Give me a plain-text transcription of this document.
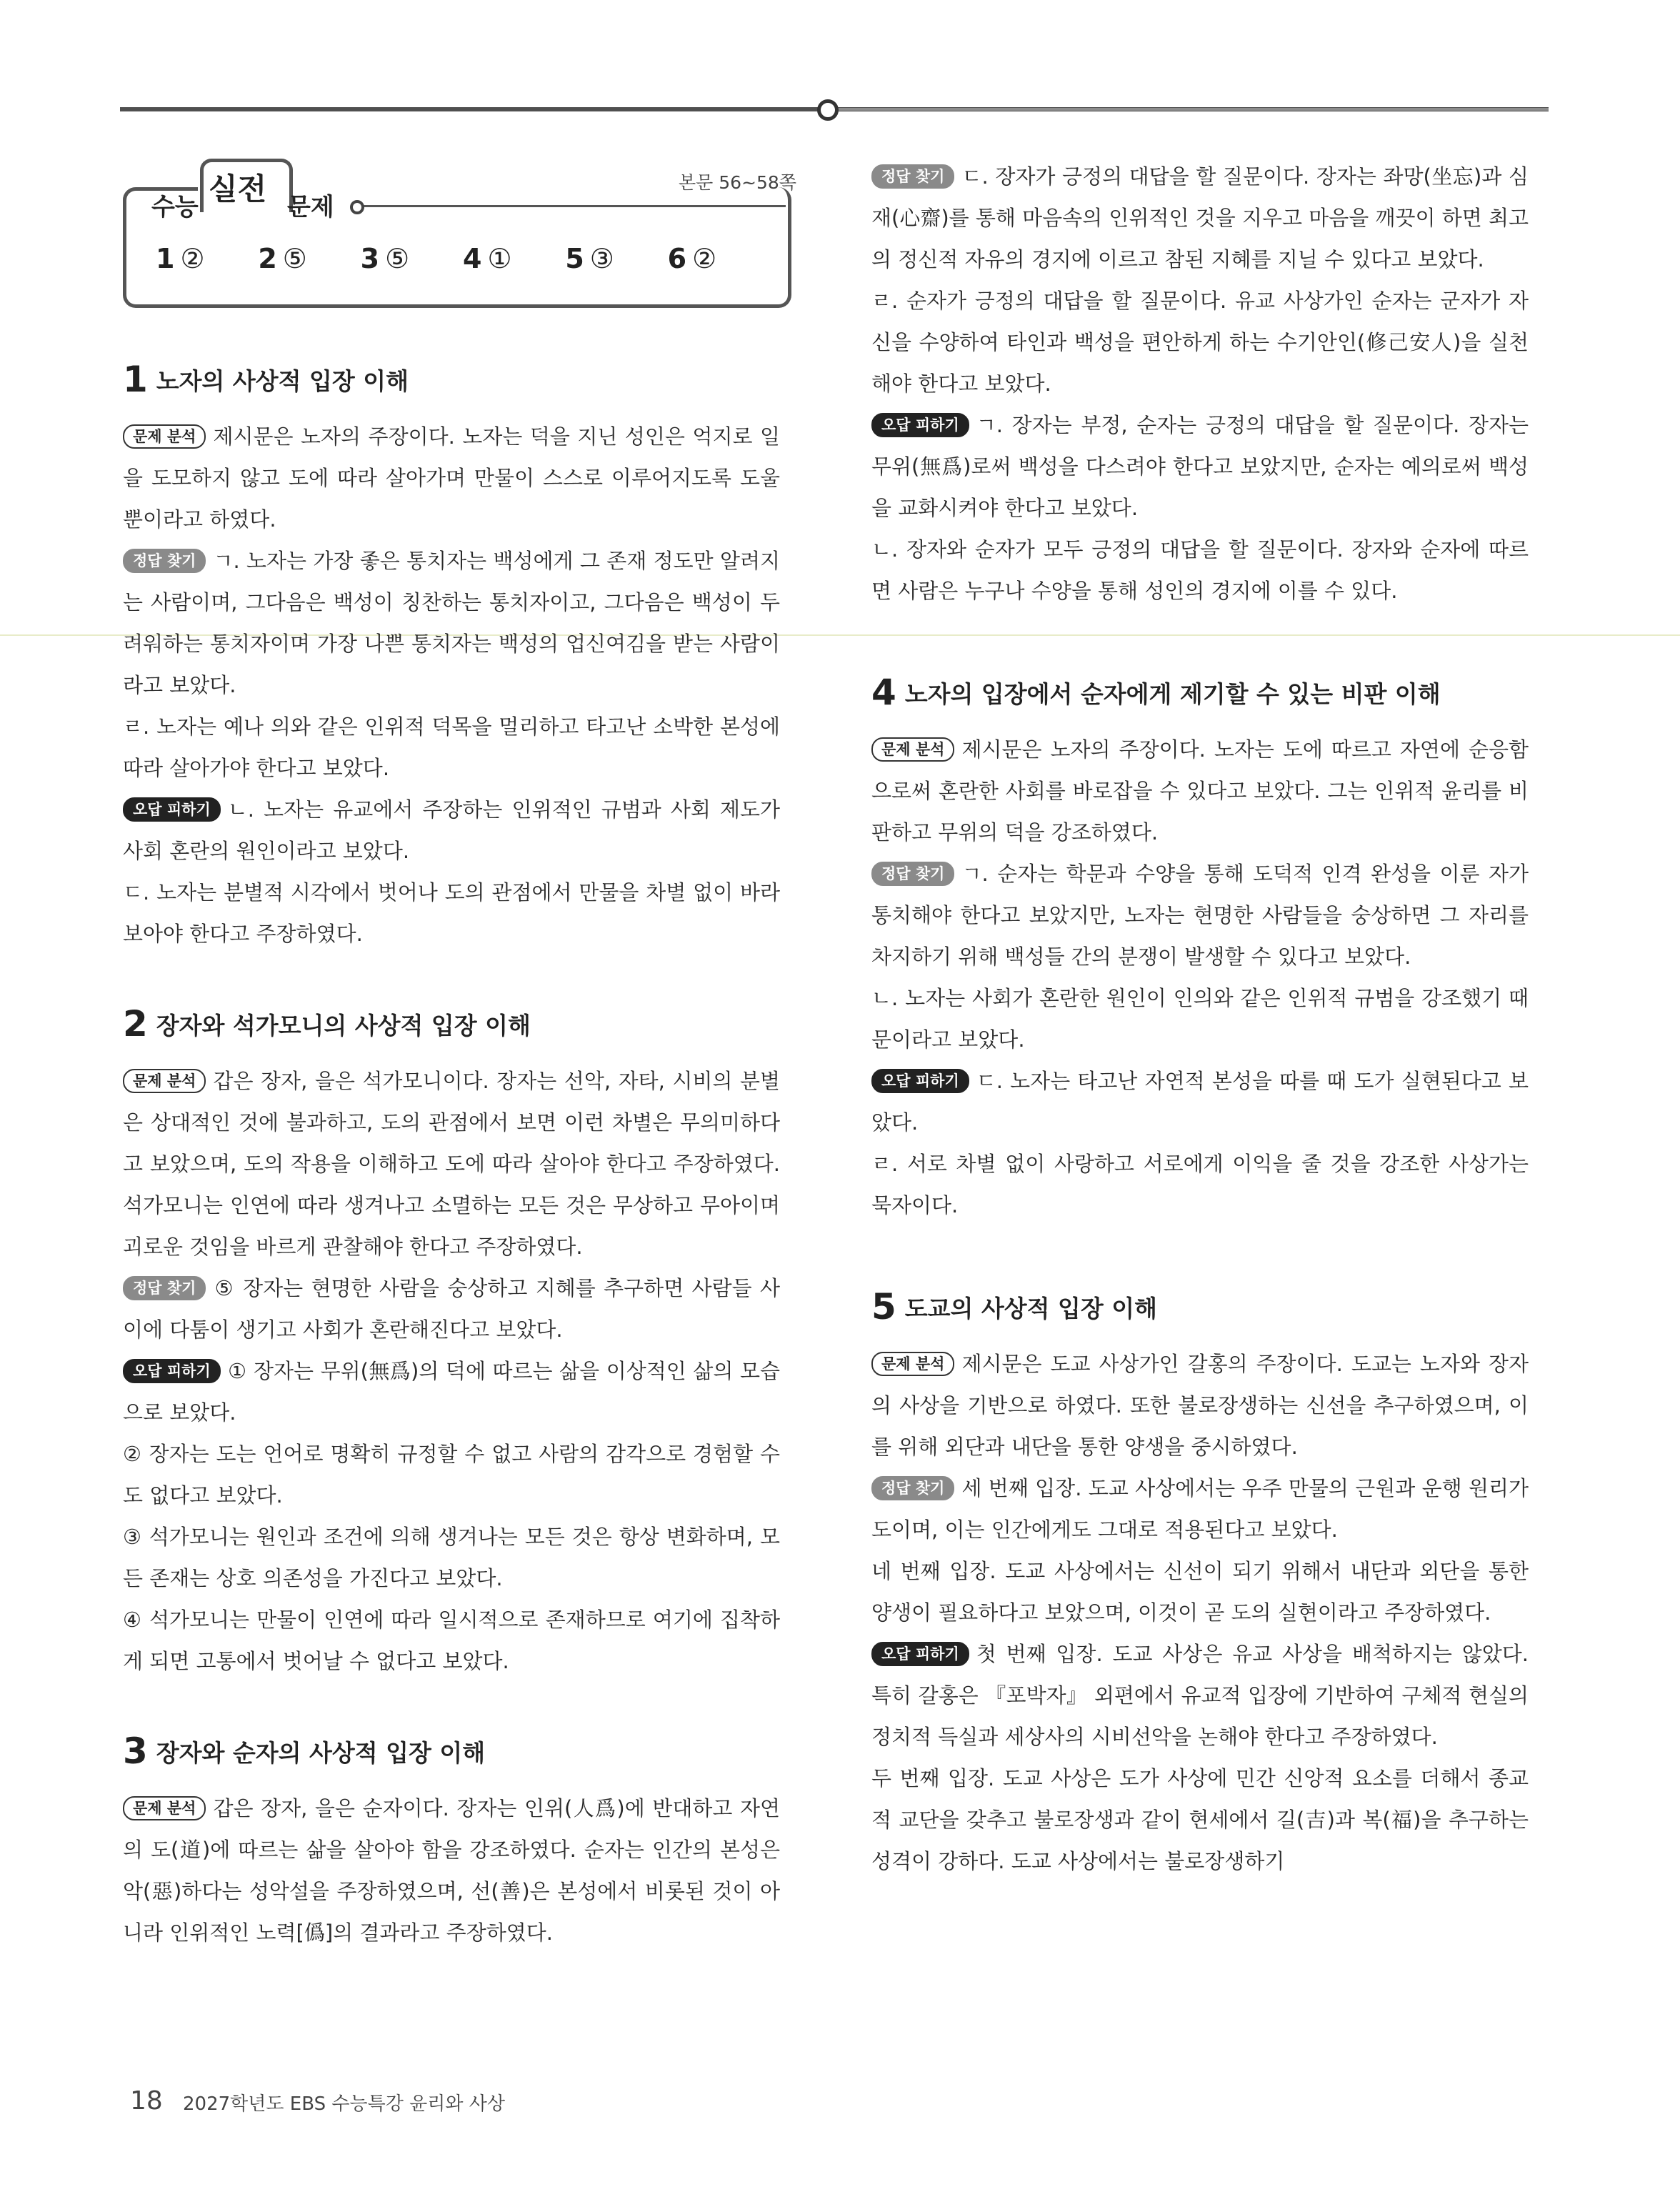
수능
실전
문제
본문 56~58쪽
1 ②	2 ⑤	3 ⑤	4 ①	5 ③	6 ②
1 노자의 사상적 입장 이해

문제 분석 제시문은 노자의 주장이다. 노자는 덕을 지닌 성인은 억지로 일을 도모하지 않고 도에 따라 살아가며 만물이 스스로 이루어지도록 도울 뿐이라고 하였다.

정답 찾기 ㄱ. 노자는 가장 좋은 통치자는 백성에게 그 존재 정도만 알려지는 사람이며, 그다음은 백성이 칭찬하는 통치자이고, 그다음은 백성이 두려워하는 통치자이며 가장 나쁜 통치자는 백성의 업신여김을 받는 사람이라고 보았다.

ㄹ. 노자는 예나 의와 같은 인위적 덕목을 멀리하고 타고난 소박한 본성에 따라 살아가야 한다고 보았다.

오답 피하기 ㄴ. 노자는 유교에서 주장하는 인위적인 규범과 사회 제도가 사회 혼란의 원인이라고 보았다.

ㄷ. 노자는 분별적 시각에서 벗어나 도의 관점에서 만물을 차별 없이 바라보아야 한다고 주장하였다.

2 장자와 석가모니의 사상적 입장 이해

문제 분석 갑은 장자, 을은 석가모니이다. 장자는 선악, 자타, 시비의 분별은 상대적인 것에 불과하고, 도의 관점에서 보면 이런 차별은 무의미하다고 보았으며, 도의 작용을 이해하고 도에 따라 살아야 한다고 주장하였다. 석가모니는 인연에 따라 생겨나고 소멸하는 모든 것은 무상하고 무아이며 괴로운 것임을 바르게 관찰해야 한다고 주장하였다.

정답 찾기 ⑤ 장자는 현명한 사람을 숭상하고 지혜를 추구하면 사람들 사이에 다툼이 생기고 사회가 혼란해진다고 보았다.

오답 피하기 ① 장자는 무위(無爲)의 덕에 따르는 삶을 이상적인 삶의 모습으로 보았다.

② 장자는 도는 언어로 명확히 규정할 수 없고 사람의 감각으로 경험할 수도 없다고 보았다.

③ 석가모니는 원인과 조건에 의해 생겨나는 모든 것은 항상 변화하며, 모든 존재는 상호 의존성을 가진다고 보았다.

④ 석가모니는 만물이 인연에 따라 일시적으로 존재하므로 여기에 집착하게 되면 고통에서 벗어날 수 없다고 보았다.

3 장자와 순자의 사상적 입장 이해

문제 분석 갑은 장자, 을은 순자이다. 장자는 인위(人爲)에 반대하고 자연의 도(道)에 따르는 삶을 살아야 함을 강조하였다. 순자는 인간의 본성은 악(惡)하다는 성악설을 주장하였으며, 선(善)은 본성에서 비롯된 것이 아니라 인위적인 노력[僞]의 결과라고 주장하였다.

정답 찾기 ㄷ. 장자가 긍정의 대답을 할 질문이다. 장자는 좌망(坐忘)과 심재(心齋)를 통해 마음속의 인위적인 것을 지우고 마음을 깨끗이 하면 최고의 정신적 자유의 경지에 이르고 참된 지혜를 지닐 수 있다고 보았다.

ㄹ. 순자가 긍정의 대답을 할 질문이다. 유교 사상가인 순자는 군자가 자신을 수양하여 타인과 백성을 편안하게 하는 수기안인(修己安人)을 실천해야 한다고 보았다.

오답 피하기 ㄱ. 장자는 부정, 순자는 긍정의 대답을 할 질문이다. 장자는 무위(無爲)로써 백성을 다스려야 한다고 보았지만, 순자는 예의로써 백성을 교화시켜야 한다고 보았다.

ㄴ. 장자와 순자가 모두 긍정의 대답을 할 질문이다. 장자와 순자에 따르면 사람은 누구나 수양을 통해 성인의 경지에 이를 수 있다.

4 노자의 입장에서 순자에게 제기할 수 있는 비판 이해

문제 분석 제시문은 노자의 주장이다. 노자는 도에 따르고 자연에 순응함으로써 혼란한 사회를 바로잡을 수 있다고 보았다. 그는 인위적 윤리를 비판하고 무위의 덕을 강조하였다.

정답 찾기 ㄱ. 순자는 학문과 수양을 통해 도덕적 인격 완성을 이룬 자가 통치해야 한다고 보았지만, 노자는 현명한 사람들을 숭상하면 그 자리를 차지하기 위해 백성들 간의 분쟁이 발생할 수 있다고 보았다.

ㄴ. 노자는 사회가 혼란한 원인이 인의와 같은 인위적 규범을 강조했기 때문이라고 보았다.

오답 피하기 ㄷ. 노자는 타고난 자연적 본성을 따를 때 도가 실현된다고 보았다.

ㄹ. 서로 차별 없이 사랑하고 서로에게 이익을 줄 것을 강조한 사상가는 묵자이다.

5 도교의 사상적 입장 이해

문제 분석 제시문은 도교 사상가인 갈홍의 주장이다. 도교는 노자와 장자의 사상을 기반으로 하였다. 또한 불로장생하는 신선을 추구하였으며, 이를 위해 외단과 내단을 통한 양생을 중시하였다.

정답 찾기 세 번째 입장. 도교 사상에서는 우주 만물의 근원과 운행 원리가 도이며, 이는 인간에게도 그대로 적용된다고 보았다.

네 번째 입장. 도교 사상에서는 신선이 되기 위해서 내단과 외단을 통한 양생이 필요하다고 보았으며, 이것이 곧 도의 실현이라고 주장하였다.

오답 피하기 첫 번째 입장. 도교 사상은 유교 사상을 배척하지는 않았다. 특히 갈홍은 『포박자』 외편에서 유교적 입장에 기반하여 구체적 현실의 정치적 득실과 세상사의 시비선악을 논해야 한다고 주장하였다.

두 번째 입장. 도교 사상은 도가 사상에 민간 신앙적 요소를 더해서 종교적 교단을 갖추고 불로장생과 같이 현세에서 길(吉)과 복(福)을 추구하는 성격이 강하다. 도교 사상에서는 불로장생하기

18 2027학년도 EBS 수능특강 윤리와 사상
